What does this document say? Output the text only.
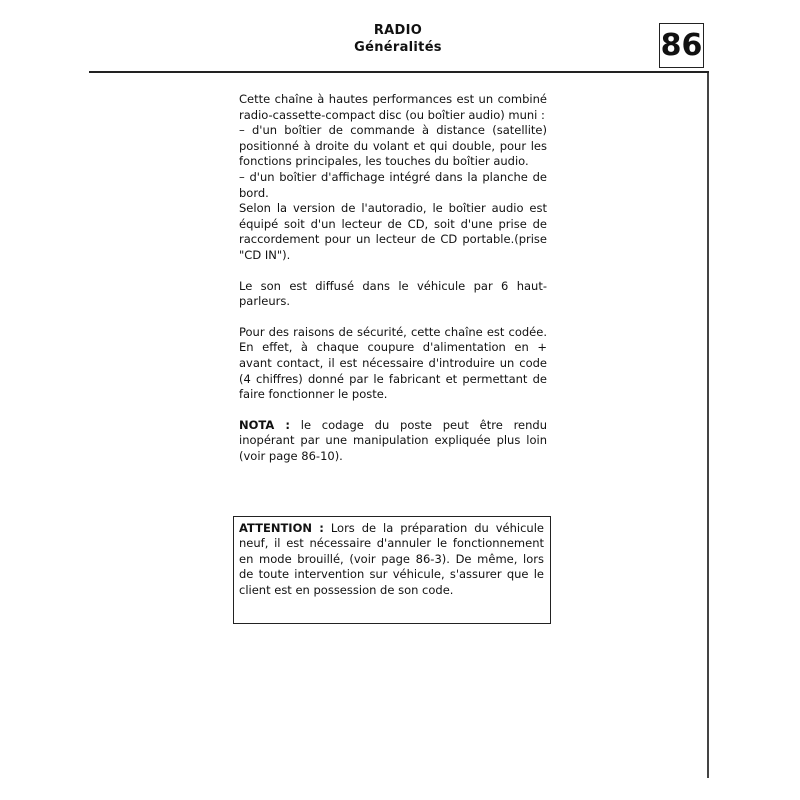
RADIO
Généralités	86

Cette chaîne à hautes performances est un combiné radio-cassette-compact disc (ou boîtier audio) muni :

– d'un boîtier de commande à distance (satellite) positionné à droite du volant et qui double, pour les fonctions principales, les touches du boîtier audio.

– d'un boîtier d'affichage intégré dans la planche de bord.

Selon la version de l'autoradio, le boîtier audio est équipé soit d'un lecteur de CD, soit d'une prise de raccordement pour un lecteur de CD portable.(prise "CD IN").

Le son est diffusé dans le véhicule par 6 haut-parleurs.

Pour des raisons de sécurité, cette chaîne est codée. En effet, à chaque coupure d'alimentation en + avant contact, il est nécessaire d'introduire un code (4 chiffres) donné par le fabricant et permettant de faire fonctionner le poste.

NOTA : le codage du poste peut être rendu inopérant par une manipulation expliquée plus loin (voir page 86-10).

ATTENTION : Lors de la préparation du véhicule neuf, il est nécessaire d'annuler le fonctionnement en mode brouillé, (voir page 86-3). De même, lors de toute intervention sur véhicule, s'assurer que le client est en possession de son code.
